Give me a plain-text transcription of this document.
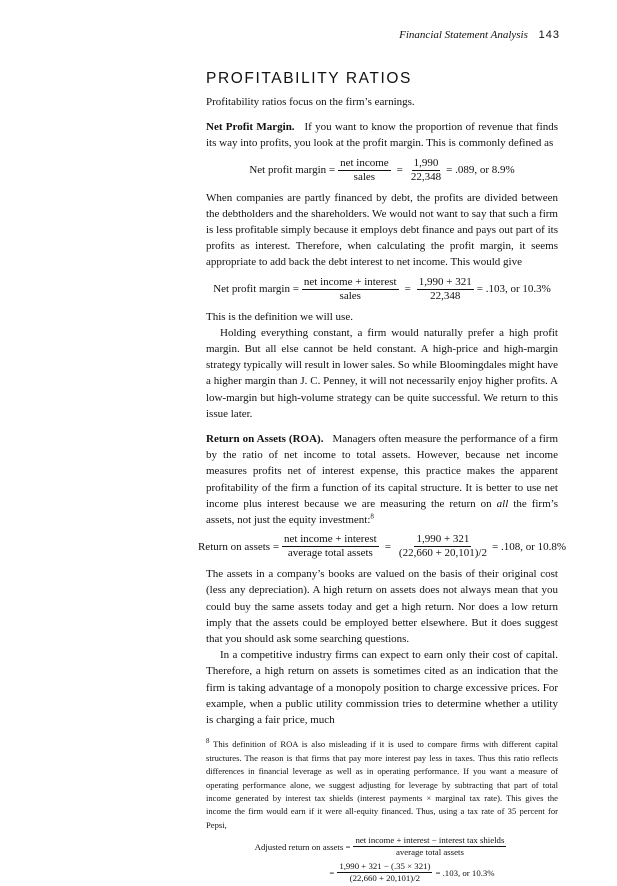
Financial Statement Analysis 143
PROFITABILITY RATIOS

Profitability ratios focus on the firm’s earnings.

Net Profit Margin. If you want to know the proportion of revenue that finds its way into profits, you look at the profit margin. This is commonly defined as

Net profit margin = $\frac{\text{net income}}{\text{sales}} = \frac{1,990}{22,348} = .089$, or 8.9%

When companies are partly financed by debt, the profits are divided between the debtholders and the shareholders. We would not want to say that such a firm is less profitable simply because it employs debt finance and pays out part of its profits as interest. Therefore, when calculating the profit margin, it seems appropriate to add back the debt interest to net income. This would give

Net profit margin = $\frac{\text{net income + interest}}{\text{sales}} = \frac{1,990 + 321}{22,348} = .103$, or 10.3%

This is the definition we will use.

Holding everything constant, a firm would naturally prefer a high profit margin. But all else cannot be held constant. A high-price and high-margin strategy typically will result in lower sales. So while Bloomingdales might have a higher margin than J. C. Penney, it will not necessarily enjoy higher profits. A low-margin but high-volume strategy can be quite successful. We return to this issue later.

Return on Assets (ROA). Managers often measure the performance of a firm by the ratio of net income to total assets. However, because net income measures profits net of interest expense, this practice makes the apparent profitability of the firm a function of its capital structure. It is better to use net income plus interest because we are measuring the return on all the firm’s assets, not just the equity investment:$^8$

Return on assets = $\frac{\text{net income + interest}}{\text{average total assets}} = \frac{1,990 + 321}{(22,660 + 20,101)/2} = .108$, or 10.8%

The assets in a company’s books are valued on the basis of their original cost (less any depreciation). A high return on assets does not always mean that you could buy the same assets today and get a high return. Nor does a low return imply that the assets could be employed better elsewhere. But it does suggest that you should ask some searching questions.

In a competitive industry firms can expect to earn only their cost of capital. Therefore, a high return on assets is sometimes cited as an indication that the firm is taking advantage of a monopoly position to charge excessive prices. For example, when a public utility commission tries to determine whether a utility is charging a fair price, much

$^8$ This definition of ROA is also misleading if it is used to compare firms with different capital structures. The reason is that firms that pay more interest pay less in taxes. Thus this ratio reflects differences in financial leverage as well as in operating performance. If you want a measure of operating performance alone, we suggest adjusting for leverage by subtracting that part of total income generated by interest tax shields (interest payments × marginal tax rate). This gives the income the firm would earn if it were all-equity financed. Thus, using a tax rate of 35 percent for Pepsi,

Adjusted return on assets = $\frac{\text{net income + interest − interest tax shields}}{\text{average total assets}}$
= $\frac{1,990 + 321 - (.35 \times 321)}{(22,660 + 20,101)/2} = .103$, or 10.3%
